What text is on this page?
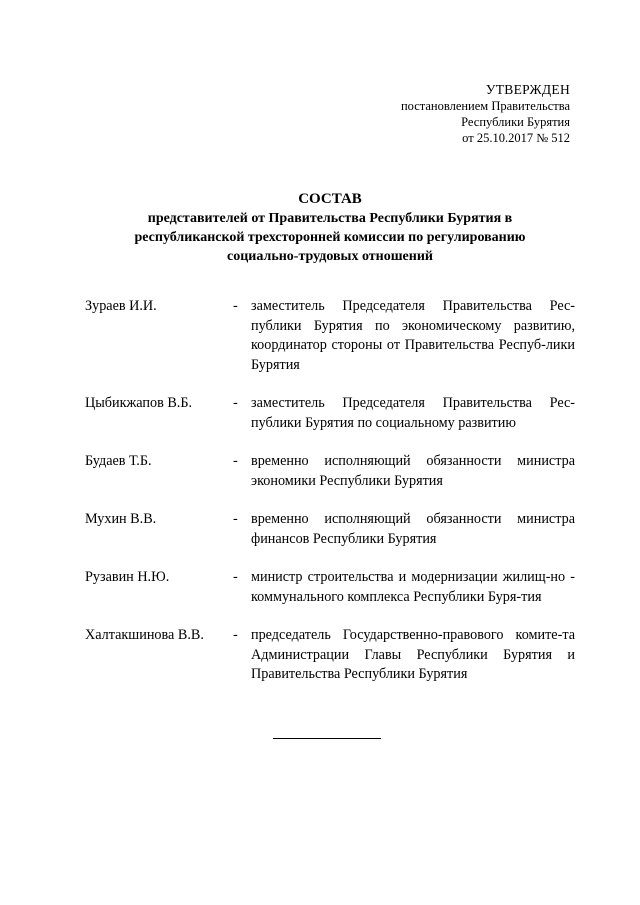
УТВЕРЖДЕН
постановлением Правительства
Республики Бурятия
от 25.10.2017 № 512
СОСТАВ
представителей от Правительства Республики Бурятия в
республиканской трехсторонней комиссии по регулированию
социально-трудовых отношений
Зураев И.И.	- заместитель Председателя Правительства Рес-публики Бурятия по экономическому развитию, координатор стороны от Правительства Респуб-лики Бурятия
Цыбикжапов В.Б.	- заместитель Председателя Правительства Рес-публики Бурятия по социальному развитию
Будаев Т.Б.	- временно исполняющий обязанности министра экономики Республики Бурятия
Мухин В.В.	- временно исполняющий обязанности министра финансов Республики Бурятия
Рузавин Н.Ю.	- министр строительства и модернизации жилищ-но - коммунального комплекса Республики Буря-тия
Халтакшинова В.В.	- председатель Государственно-правового комите-та Администрации Главы Республики Бурятия и Правительства Республики Бурятия
